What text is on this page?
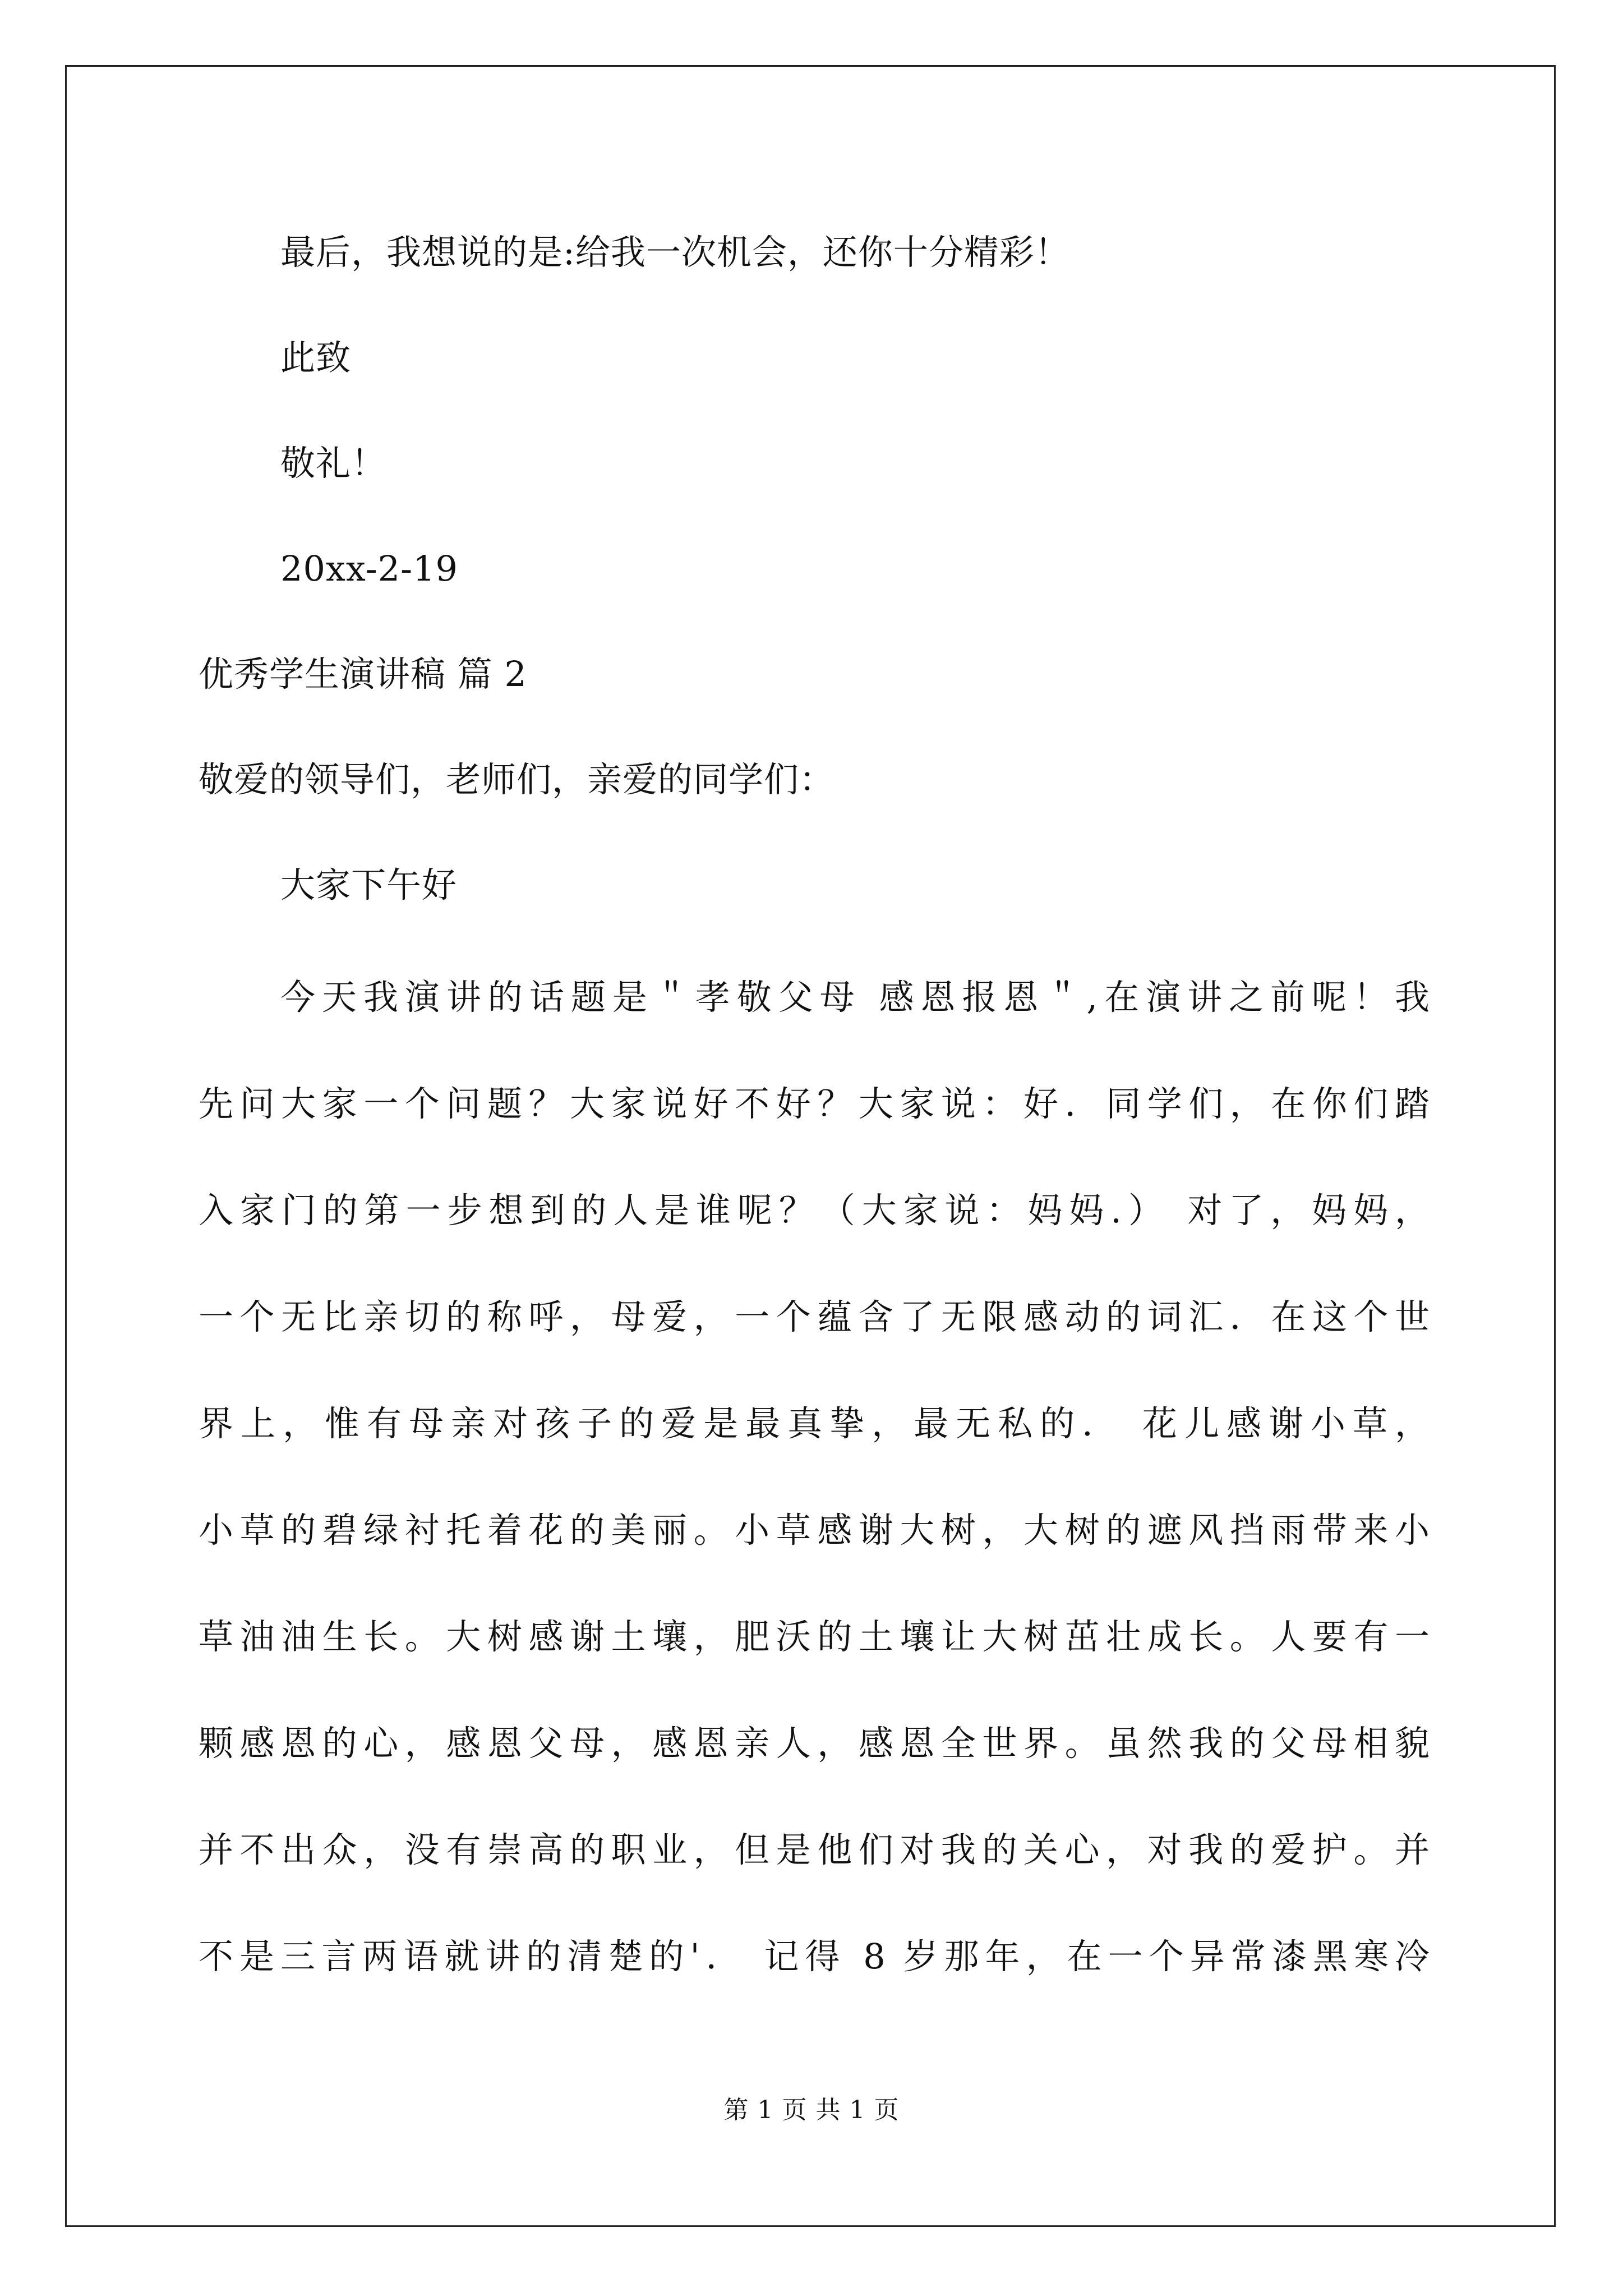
最后，我想说的是:给我一次机会，还你十分精彩！

此致

敬礼！

20xx-2-19

优秀学生演讲稿 篇 2

敬爱的领导们，老师们，亲爱的同学们：

大家下午好

今天我演讲的话题是＂孝敬父母 感恩报恩＂,在演讲之前呢！我

先问大家一个问题？大家说好不好？大家说：好．同学们，在你们踏

入家门的第一步想到的人是谁呢？（大家说：妈妈.） 对了，妈妈，

一个无比亲切的称呼，母爱，一个蕴含了无限感动的词汇．在这个世

界上，惟有母亲对孩子的爱是最真挚，最无私的． 花儿感谢小草，

小草的碧绿衬托着花的美丽。小草感谢大树，大树的遮风挡雨带来小

草油油生长。大树感谢土壤，肥沃的土壤让大树茁壮成长。人要有一

颗感恩的心，感恩父母，感恩亲人，感恩全世界。虽然我的父母相貌

并不出众，没有崇高的职业，但是他们对我的关心，对我的爱护。并

不是三言两语就讲的清楚的'． 记得 8 岁那年，在一个异常漆黑寒冷

第 1 页 共 1 页
